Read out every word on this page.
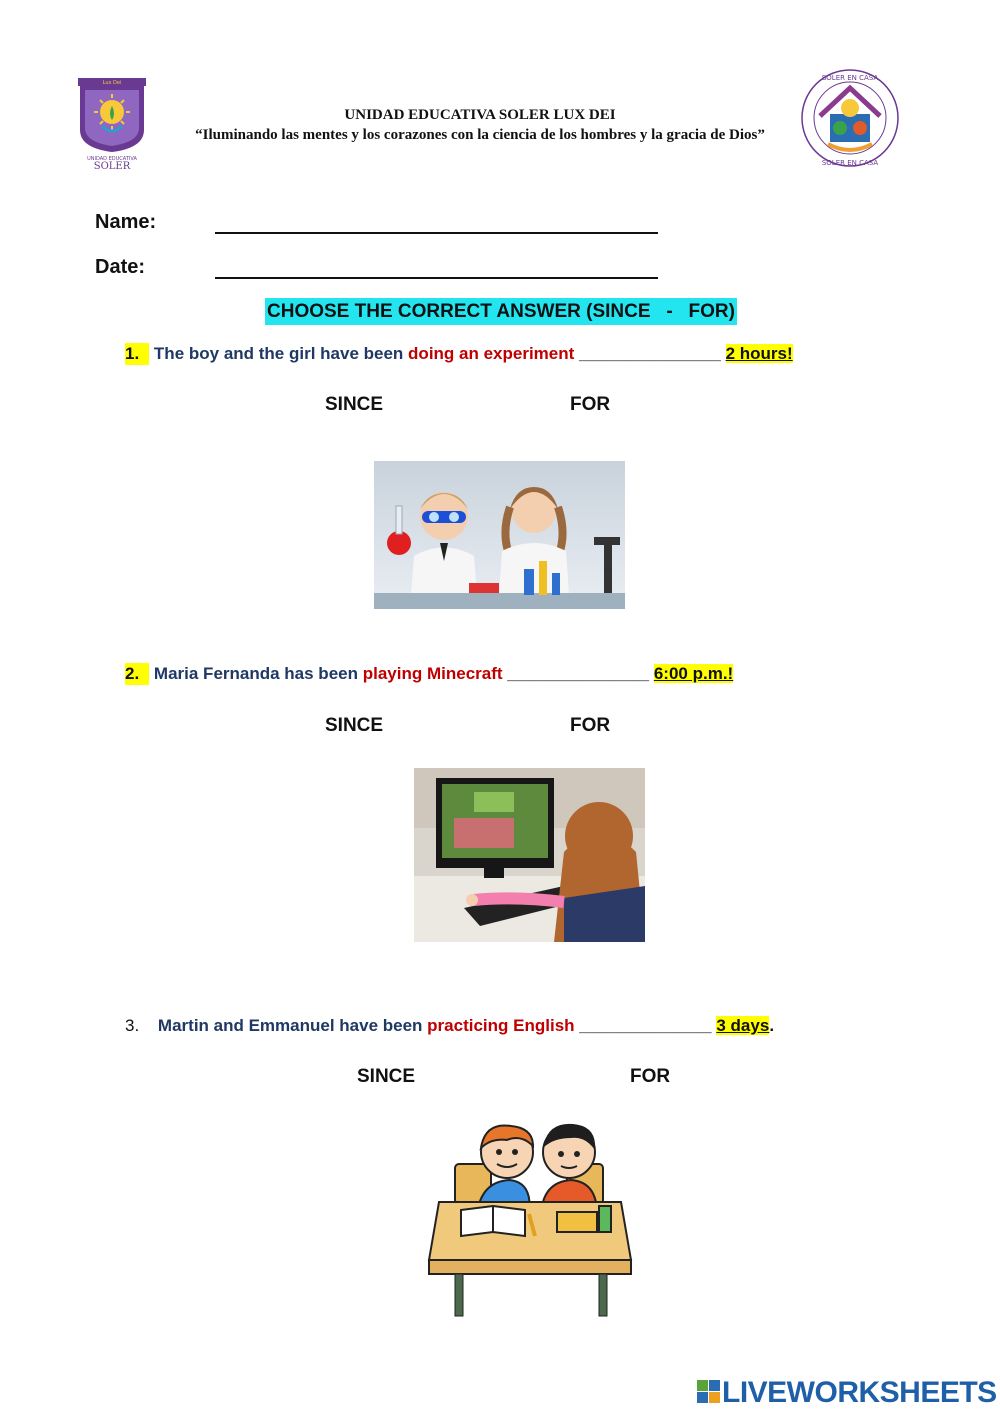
UNIDAD EDUCATIVA
SOLER
Lux Dei
UNIDAD EDUCATIVA SOLER LUX DEI
“Iluminando las mentes y los corazones con la ciencia de los hombres y la gracia de Dios”
SOLER EN CASA
SOLER EN CASA
Name:
Date:
CHOOSE THE CORRECT ANSWER (SINCE   -   FOR)
1. The boy and the girl have been doing an experiment _______________ 2 hours!
SINCE	FOR
2. Maria Fernanda has been playing Minecraft _______________ 6:00 p.m.!
SINCE	FOR
3. Martin and Emmanuel have been practicing English ______________ 3 days.
SINCE	FOR
LIVEWORKSHEETS
